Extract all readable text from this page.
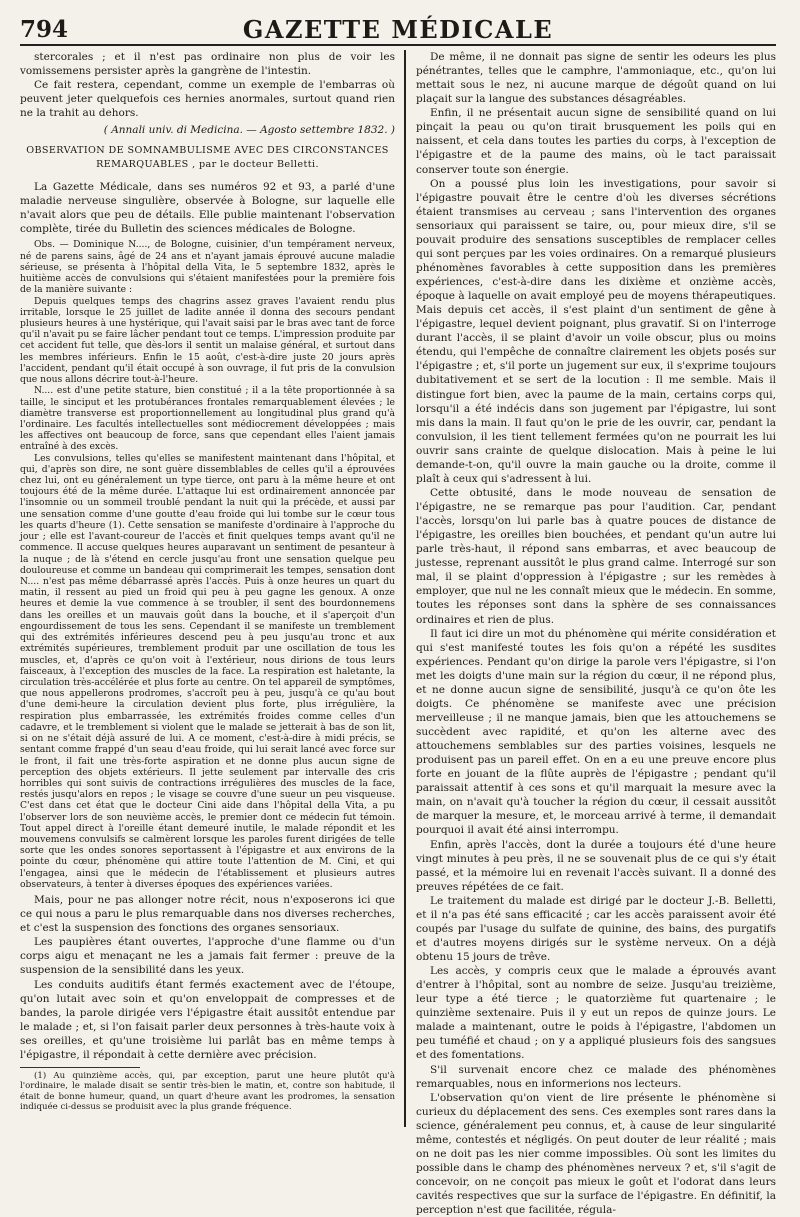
794	GAZETTE MÉDICALE

stercorales ; et il n'est pas ordinaire non plus de voir les vomissemens persister après la gangrène de l'intestin.

Ce fait restera, cependant, comme un exemple de l'embarras où peuvent jeter quelquefois ces hernies anormales, surtout quand rien ne la trahit au dehors.

( Annali univ. di Medicina. — Agosto settembre 1832. )

OBSERVATION DE SOMNAMBULISME AVEC DES CIRCONSTANCES REMARQUABLES , par le docteur Belletti.

La Gazette Médicale, dans ses numéros 92 et 93, a parlé d'une maladie nerveuse singulière, observée à Bologne, sur laquelle elle n'avait alors que peu de détails. Elle publie maintenant l'observation complète, tirée du Bulletin des sciences médicales de Bologne.

Obs. — Dominique N...., de Bologne, cuisinier, d'un tempérament nerveux, né de parens sains, âgé de 24 ans et n'ayant jamais éprouvé aucune maladie sérieuse, se présenta à l'hôpital della Vita, le 5 septembre 1832, après le huitième accès de convulsions qui s'étaient manifestées pour la première fois de la manière suivante :

Depuis quelques temps des chagrins assez graves l'avaient rendu plus irritable, lorsque le 25 juillet de ladite année il donna des secours pendant plusieurs heures à une hystérique, qui l'avait saisi par le bras avec tant de force qu'il n'avait pu se faire lâcher pendant tout ce temps. L'impression produite par cet accident fut telle, que dès-lors il sentit un malaise général, et surtout dans les membres inférieurs. Enfin le 15 août, c'est-à-dire juste 20 jours après l'accident, pendant qu'il était occupé à son ouvrage, il fut pris de la convulsion que nous allons décrire tout-à-l'heure.

N.... est d'une petite stature, bien constitué ; il a la tête proportionnée à sa taille, le sinciput et les protubérances frontales remarquablement élevées ; le diamètre transverse est proportionnellement au longitudinal plus grand qu'à l'ordinaire. Les facultés intellectuelles sont médiocrement développées ; mais les affectives ont beaucoup de force, sans que cependant elles l'aient jamais entraîné à des excès.

Les convulsions, telles qu'elles se manifestent maintenant dans l'hôpital, et qui, d'après son dire, ne sont guère dissemblables de celles qu'il a éprouvées chez lui, ont eu généralement un type tierce, ont paru à la même heure et ont toujours été de la même durée. L'attaque lui est ordinairement annoncée par l'insomnie ou un sommeil troublé pendant la nuit qui la précède, et aussi par une sensation comme d'une goutte d'eau froide qui lui tombe sur le cœur tous les quarts d'heure (1). Cette sensation se manifeste d'ordinaire à l'approche du jour ; elle est l'avant-coureur de l'accès et finit quelques temps avant qu'il ne commence. Il accuse quelques heures auparavant un sentiment de pesanteur à la nuque ; de là s'étend en cercle jusqu'au front une sensation quelque peu douloureuse et comme un bandeau qui comprimerait les tempes, sensation dont N.... n'est pas même débarrassé après l'accès. Puis à onze heures un quart du matin, il ressent au pied un froid qui peu à peu gagne les genoux. A onze heures et demie la vue commence à se troubler, il sent des bourdonnemens dans les oreilles et un mauvais goût dans la bouche, et il s'aperçoit d'un engourdissement de tous les sens. Cependant il se manifeste un tremblement qui des extrémités inférieures descend peu à peu jusqu'au tronc et aux extrémités supérieures, tremblement produit par une oscillation de tous les muscles, et, d'après ce qu'on voit à l'extérieur, nous dirions de tous leurs faisceaux, à l'exception des muscles de la face. La respiration est haletante, la circulation très-accélérée et plus forte au centre. On tel appareil de symptômes, que nous appellerons prodromes, s'accroît peu à peu, jusqu'à ce qu'au bout d'une demi-heure la circulation devient plus forte, plus irrégulière, la respiration plus embarrassée, les extrémités froides comme celles d'un cadavre, et le tremblement si violent que le malade se jetterait à bas de son lit, si on ne s'était déjà assuré de lui. A ce moment, c'est-à-dire à midi précis, se sentant comme frappé d'un seau d'eau froide, qui lui serait lancé avec force sur le front, il fait une très-forte aspiration et ne donne plus aucun signe de perception des objets extérieurs. Il jette seulement par intervalle des cris horribles qui sont suivis de contractions irrégulières des muscles de la face, restés jusqu'alors en repos ; le visage se couvre d'une sueur un peu visqueuse. C'est dans cet état que le docteur Cini aide dans l'hôpital della Vita, a pu l'observer lors de son neuvième accès, le premier dont ce médecin fut témoin. Tout appel direct à l'oreille étant demeuré inutile, le malade répondit et les mouvemens convulsifs se calmèrent lorsque les paroles furent dirigées de telle sorte que les ondes sonores seportassent à l'épigastre et aux environs de la pointe du cœur, phénomène qui attire toute l'attention de M. Cini, et qui l'engagea, ainsi que le médecin de l'établissement et plusieurs autres observateurs, à tenter à diverses époques des expériences variées.

Mais, pour ne pas allonger notre récit, nous n'exposerons ici que ce qui nous a paru le plus remarquable dans nos diverses recherches, et c'est la suspension des fonctions des organes sensoriaux.

Les paupières étant ouvertes, l'approche d'une flamme ou d'un corps aigu et menaçant ne les a jamais fait fermer : preuve de la suspension de la sensibilité dans les yeux.

Les conduits auditifs étant fermés exactement avec de l'étoupe, qu'on lutait avec soin et qu'on enveloppait de compresses et de bandes, la parole dirigée vers l'épigastre était aussitôt entendue par le malade ; et, si l'on faisait parler deux personnes à très-haute voix à ses oreilles, et qu'une troisième lui parlât bas en même temps à l'épigastre, il répondait à cette dernière avec précision.

(1) Au quinzième accès, qui, par exception, parut une heure plutôt qu'à l'ordinaire, le malade disait se sentir très-bien le matin, et, contre son habitude, il était de bonne humeur, quand, un quart d'heure avant les prodromes, la sensation indiquée ci-dessus se produisit avec la plus grande fréquence.

De même, il ne donnait pas signe de sentir les odeurs les plus pénétrantes, telles que le camphre, l'ammoniaque, etc., qu'on lui mettait sous le nez, ni aucune marque de dégoût quand on lui plaçait sur la langue des substances désagréables.

Enfin, il ne présentait aucun signe de sensibilité quand on lui pinçait la peau ou qu'on tirait brusquement les poils qui en naissent, et cela dans toutes les parties du corps, à l'exception de l'épigastre et de la paume des mains, où le tact paraissait conserver toute son énergie.

On a poussé plus loin les investigations, pour savoir si l'épigastre pouvait être le centre d'où les diverses sécrétions étaient transmises au cerveau ; sans l'intervention des organes sensoriaux qui paraissent se taire, ou, pour mieux dire, s'il se pouvait produire des sensations susceptibles de remplacer celles qui sont perçues par les voies ordinaires. On a remarqué plusieurs phénomènes favorables à cette supposition dans les premières expériences, c'est-à-dire dans les dixième et onzième accès, époque à laquelle on avait employé peu de moyens thérapeutiques. Mais depuis cet accès, il s'est plaint d'un sentiment de gêne à l'épigastre, lequel devient poignant, plus gravatif. Si on l'interroge durant l'accès, il se plaint d'avoir un voile obscur, plus ou moins étendu, qui l'empêche de connaître clairement les objets posés sur l'épigastre ; et, s'il porte un jugement sur eux, il s'exprime toujours dubitativement et se sert de la locution : Il me semble. Mais il distingue fort bien, avec la paume de la main, certains corps qui, lorsqu'il a été indécis dans son jugement par l'épigastre, lui sont mis dans la main. Il faut qu'on le prie de les ouvrir, car, pendant la convulsion, il les tient tellement fermées qu'on ne pourrait les lui ouvrir sans crainte de quelque dislocation. Mais à peine le lui demande-t-on, qu'il ouvre la main gauche ou la droite, comme il plaît à ceux qui s'adressent à lui.

Cette obtusité, dans le mode nouveau de sensation de l'épigastre, ne se remarque pas pour l'audition. Car, pendant l'accès, lorsqu'on lui parle bas à quatre pouces de distance de l'épigastre, les oreilles bien bouchées, et pendant qu'un autre lui parle très-haut, il répond sans embarras, et avec beaucoup de justesse, reprenant aussitôt le plus grand calme. Interrogé sur son mal, il se plaint d'oppression à l'épigastre ; sur les remèdes à employer, que nul ne les connaît mieux que le médecin. En somme, toutes les réponses sont dans la sphère de ses connaissances ordinaires et rien de plus.

Il faut ici dire un mot du phénomène qui mérite considération et qui s'est manifesté toutes les fois qu'on a répété les susdites expériences. Pendant qu'on dirige la parole vers l'épigastre, si l'on met les doigts d'une main sur la région du cœur, il ne répond plus, et ne donne aucun signe de sensibilité, jusqu'à ce qu'on ôte les doigts. Ce phénomène se manifeste avec une précision merveilleuse ; il ne manque jamais, bien que les attouchemens se succèdent avec rapidité, et qu'on les alterne avec des attouchemens semblables sur des parties voisines, lesquels ne produisent pas un pareil effet. On en a eu une preuve encore plus forte en jouant de la flûte auprès de l'épigastre ; pendant qu'il paraissait attentif à ces sons et qu'il marquait la mesure avec la main, on n'avait qu'à toucher la région du cœur, il cessait aussitôt de marquer la mesure, et, le morceau arrivé à terme, il demandait pourquoi il avait été ainsi interrompu.

Enfin, après l'accès, dont la durée a toujours été d'une heure vingt minutes à peu près, il ne se souvenait plus de ce qui s'y était passé, et la mémoire lui en revenait l'accès suivant. Il a donné des preuves répétées de ce fait.

Le traitement du malade est dirigé par le docteur J.-B. Belletti, et il n'a pas été sans efficacité ; car les accès paraissent avoir été coupés par l'usage du sulfate de quinine, des bains, des purgatifs et d'autres moyens dirigés sur le système nerveux. On a déjà obtenu 15 jours de trêve.

Les accès, y compris ceux que le malade a éprouvés avant d'entrer à l'hôpital, sont au nombre de seize. Jusqu'au treizième, leur type a été tierce ; le quatorzième fut quartenaire ; le quinzième sextenaire. Puis il y eut un repos de quinze jours. Le malade a maintenant, outre le poids à l'épigastre, l'abdomen un peu tuméfié et chaud ; on y a appliqué plusieurs fois des sangsues et des fomentations.

S'il survenait encore chez ce malade des phénomènes remarquables, nous en informerions nos lecteurs.

L'observation qu'on vient de lire présente le phénomène si curieux du déplacement des sens. Ces exemples sont rares dans la science, généralement peu connus, et, à cause de leur singularité même, contestés et négligés. On peut douter de leur réalité ; mais on ne doit pas les nier comme impossibles. Où sont les limites du possible dans le champ des phénomènes nerveux ? et, s'il s'agit de concevoir, on ne conçoit pas mieux le goût et l'odorat dans leurs cavités respectives que sur la surface de l'épigastre. En définitif, la perception n'est que facilitée, régula-
